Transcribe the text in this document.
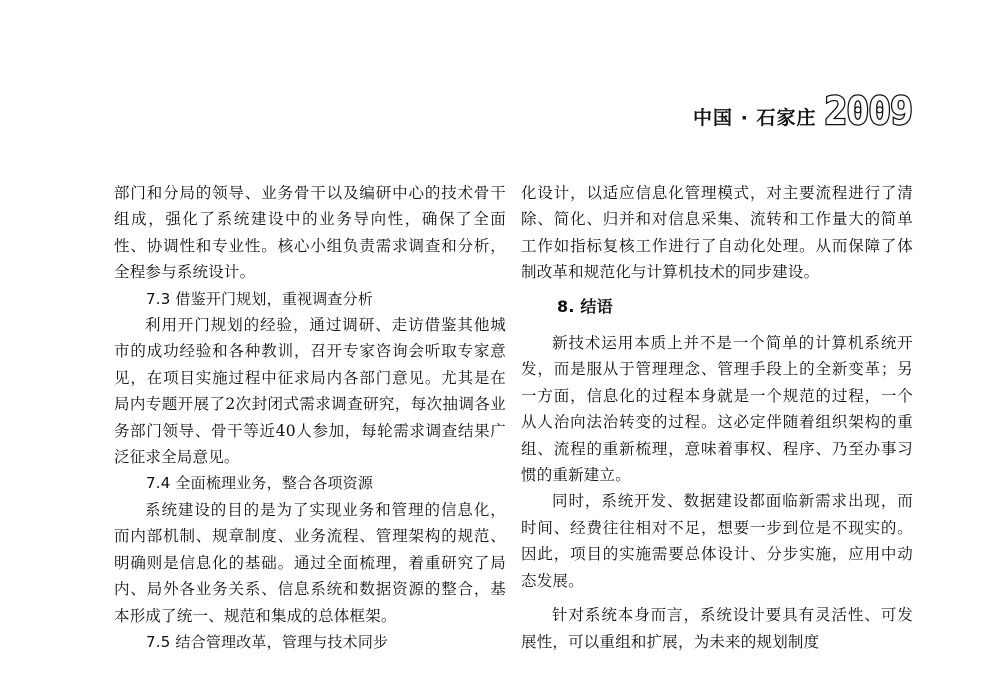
中国 · 石家庄 2009

部门和分局的领导、业务骨干以及编研中心的技术骨干组成，强化了系统建设中的业务导向性，确保了全面性、协调性和专业性。核心小组负责需求调查和分析，全程参与系统设计。

7.3 借鉴开门规划，重视调查分析

利用开门规划的经验，通过调研、走访借鉴其他城市的成功经验和各种教训，召开专家咨询会听取专家意见，在项目实施过程中征求局内各部门意见。尤其是在局内专题开展了2次封闭式需求调查研究，每次抽调各业务部门领导、骨干等近40人参加，每轮需求调查结果广泛征求全局意见。

7.4 全面梳理业务，整合各项资源

系统建设的目的是为了实现业务和管理的信息化，而内部机制、规章制度、业务流程、管理架构的规范、明确则是信息化的基础。通过全面梳理，着重研究了局内、局外各业务关系、信息系统和数据资源的整合，基本形成了统一、规范和集成的总体框架。

7.5 结合管理改革，管理与技术同步

化设计，以适应信息化管理模式，对主要流程进行了清除、简化、归并和对信息采集、流转和工作量大的简单工作如指标复核工作进行了自动化处理。从而保障了体制改革和规范化与计算机技术的同步建设。

8. 结语

新技术运用本质上并不是一个简单的计算机系统开发，而是服从于管理理念、管理手段上的全新变革；另一方面，信息化的过程本身就是一个规范的过程，一个从人治向法治转变的过程。这必定伴随着组织架构的重组、流程的重新梳理，意味着事权、程序、乃至办事习惯的重新建立。

同时，系统开发、数据建设都面临新需求出现，而时间、经费往往相对不足，想要一步到位是不现实的。因此，项目的实施需要总体设计、分步实施，应用中动态发展。

针对系统本身而言，系统设计要具有灵活性、可发展性，可以重组和扩展，为未来的规划制度
